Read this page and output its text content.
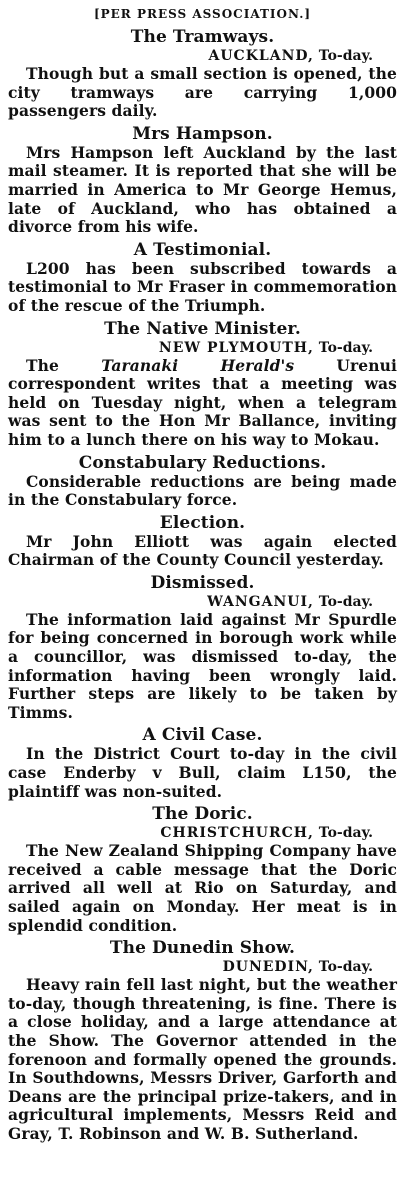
[PER PRESS ASSOCIATION.]
The Tramways.
AUCKLAND, To-day.

Though but a small section is opened, the city tramways are carrying 1,000 passengers daily.

Mrs Hampson.

Mrs Hampson left Auckland by the last mail steamer. It is reported that she will be married in America to Mr George Hemus, late of Auckland, who has obtained a divorce from his wife.

A Testimonial.

L200 has been subscribed towards a testimonial to Mr Fraser in commemoration of the rescue of the Triumph.

The Native Minister.
NEW PLYMOUTH, To-day.

The Taranaki Herald's Urenui correspondent writes that a meeting was held on Tuesday night, when a telegram was sent to the Hon Mr Ballance, inviting him to a lunch there on his way to Mokau.

Constabulary Reductions.

Considerable reductions are being made in the Constabulary force.

Election.

Mr John Elliott was again elected Chairman of the County Council yesterday.

Dismissed.
WANGANUI, To-day.

The information laid against Mr Spurdle for being concerned in borough work while a councillor, was dismissed to-day, the information having been wrongly laid. Further steps are likely to be taken by Timms.

A Civil Case.

In the District Court to-day in the civil case Enderby v Bull, claim L150, the plaintiff was non-suited.

The Doric.
CHRISTCHURCH, To-day.

The New Zealand Shipping Company have received a cable message that the Doric arrived all well at Rio on Saturday, and sailed again on Monday. Her meat is in splendid condition.

The Dunedin Show.
DUNEDIN, To-day.

Heavy rain fell last night, but the weather to-day, though threatening, is fine. There is a close holiday, and a large attendance at the Show. The Governor attended in the forenoon and formally opened the grounds. In Southdowns, Messrs Driver, Garforth and Deans are the principal prize-takers, and in agricultural implements, Messrs Reid and Gray, T. Robinson and W. B. Sutherland.
